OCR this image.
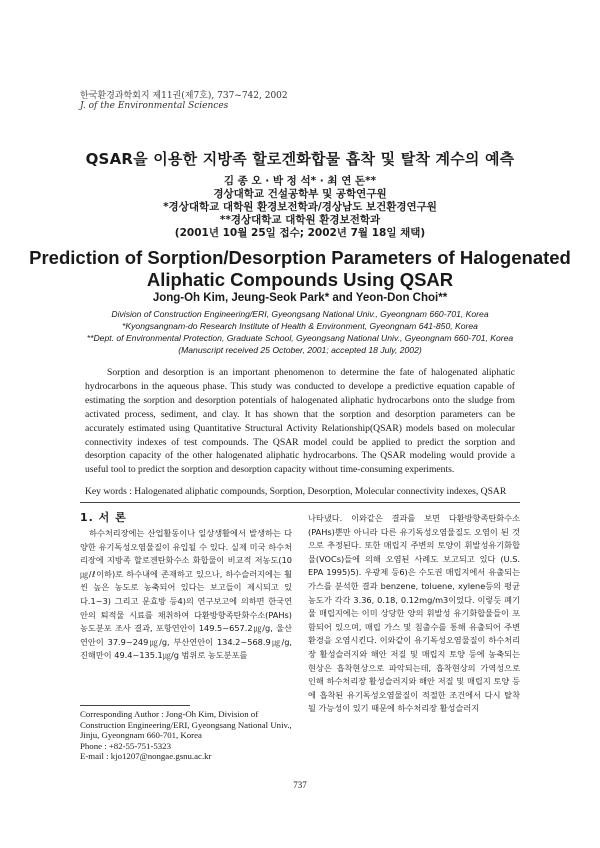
한국환경과학회지 제11권(제7호), 737~742, 2002
J. of the Environmental Sciences
QSAR을 이용한 지방족 할로겐화합물 흡착 및 탈착 계수의 예측
김 종 오 · 박 정 석* · 최 연 돈**
경상대학교 건설공학부 및 공학연구원
*경상대학교 대학원 환경보전학과/경상남도 보건환경연구원
**경상대학교 대학원 환경보전학과
(2001년 10월 25일 접수; 2002년 7월 18일 채택)
Prediction of Sorption/Desorption Parameters of Halogenated
Aliphatic Compounds Using QSAR
Jong-Oh Kim, Jeung-Seok Park* and Yeon-Don Choi**
Division of Construction Engineering/ERI, Gyeongsang National Univ., Gyeongnam 660-701, Korea
*Kyongsangnam-do Research Institute of Health & Environment, Gyeongnam 641-850, Korea
**Dept. of Environmental Protection, Graduate School, Gyeongsang National Univ., Gyeongnam 660-701, Korea
(Manuscript received 25 October, 2001; accepted 18 July, 2002)
Sorption and desorption is an important phenomenon to determine the fate of halogenated aliphatic hydrocarbons in the aqueous phase. This study was conducted to develope a predictive equation capable of estimating the sorption and desorption potentials of halogenated aliphatic hydrocarbons onto the sludge from activated process, sediment, and clay. It has shown that the sorption and desorption parameters can be accurately estimated using Quantitative Structural Activity Relationship(QSAR) models based on molecular connectivity indexes of test compounds. The QSAR model could be applied to predict the sorption and desorption capacity of the other halogenated aliphatic hydrocarbons. The QSAR modeling would provide a useful tool to predict the sorption and desorption capacity without time-consuming experiments.
Key words : Halogenated aliphatic compounds, Sorption, Desorption, Molecular connectivity indexes, QSAR
1. 서 론
하수처리장에는 산업활동이나 일상생활에서 발생하는 다양한 유기독성오염물질이 유입될 수 있다. 실제 미국 하수처리장에 지방족 할로겐탄화수소 화합물이 비교적 저농도(10㎍/ℓ이하)로 하수내에 존재하고 있으나, 하수슬러지에는 훨씬 높은 농도로 농축되어 있다는 보고들이 제시되고 있다.1~3) 그리고 문효방 등4)의 연구보고에 의하면 한국연안의 퇴적물 시료를 채취하여 다환방향족탄화수소(PAHs) 농도분포 조사 결과, 포항연안이 149.5~657.2㎍/g, 울산연안이 37.9~249㎍/g, 부산연안이 134.2~568.9㎍/g, 진해만이 49.4~135.1㎍/g 범위로 농도분포를
나타냈다. 이와같은 결과를 보면 다환방향족탄화수소(PAHs)뿐만 아니라 다른 유기독성오염물질도 오염이 된 것으로 추정된다. 또한 매립지 주변의 토양이 휘발성유기화합물(VOCs)들에 의해 오염된 사례도 보고되고 있다 (U.S. EPA 1995)5). 우광제 등6)은 수도권 매립지에서 유출되는 가스를 분석한 결과 benzene, toluene, xylene등의 평균 농도가 각각 3.36, 0.18, 0.12mg/m3이었다. 이렇듯 폐기물 매립지에는 이미 상당한 양의 휘발성 유기화합물들이 포함되어 있으며, 매립 가스 및 침출수를 통해 유출되어 주변 환경을 오염시킨다. 이와같이 유기독성오염물질이 하수처리장 활성슬러지와 해안 저질 및 매립지 토양 등에 농축되는 현상은 흡착현상으로 파악되는데, 흡착현상의 가역성으로 인해 하수처리장 활성슬러지와 해안 저질 및 매립지 토양 등에 흡착된 유기독성오염물질이 적절한 조건에서 다시 탈착될 가능성이 있기 때문에 하수처리장 활성슬러지
Corresponding Author : Jong-Oh Kim, Division of Construction Engineering/ERI, Gyeongsang National Univ., Jinju, Gyeongnam 660-701, Korea
Phone : +82-55-751-5323
E-mail : kjo1207@nongae.gsnu.ac.kr
737
